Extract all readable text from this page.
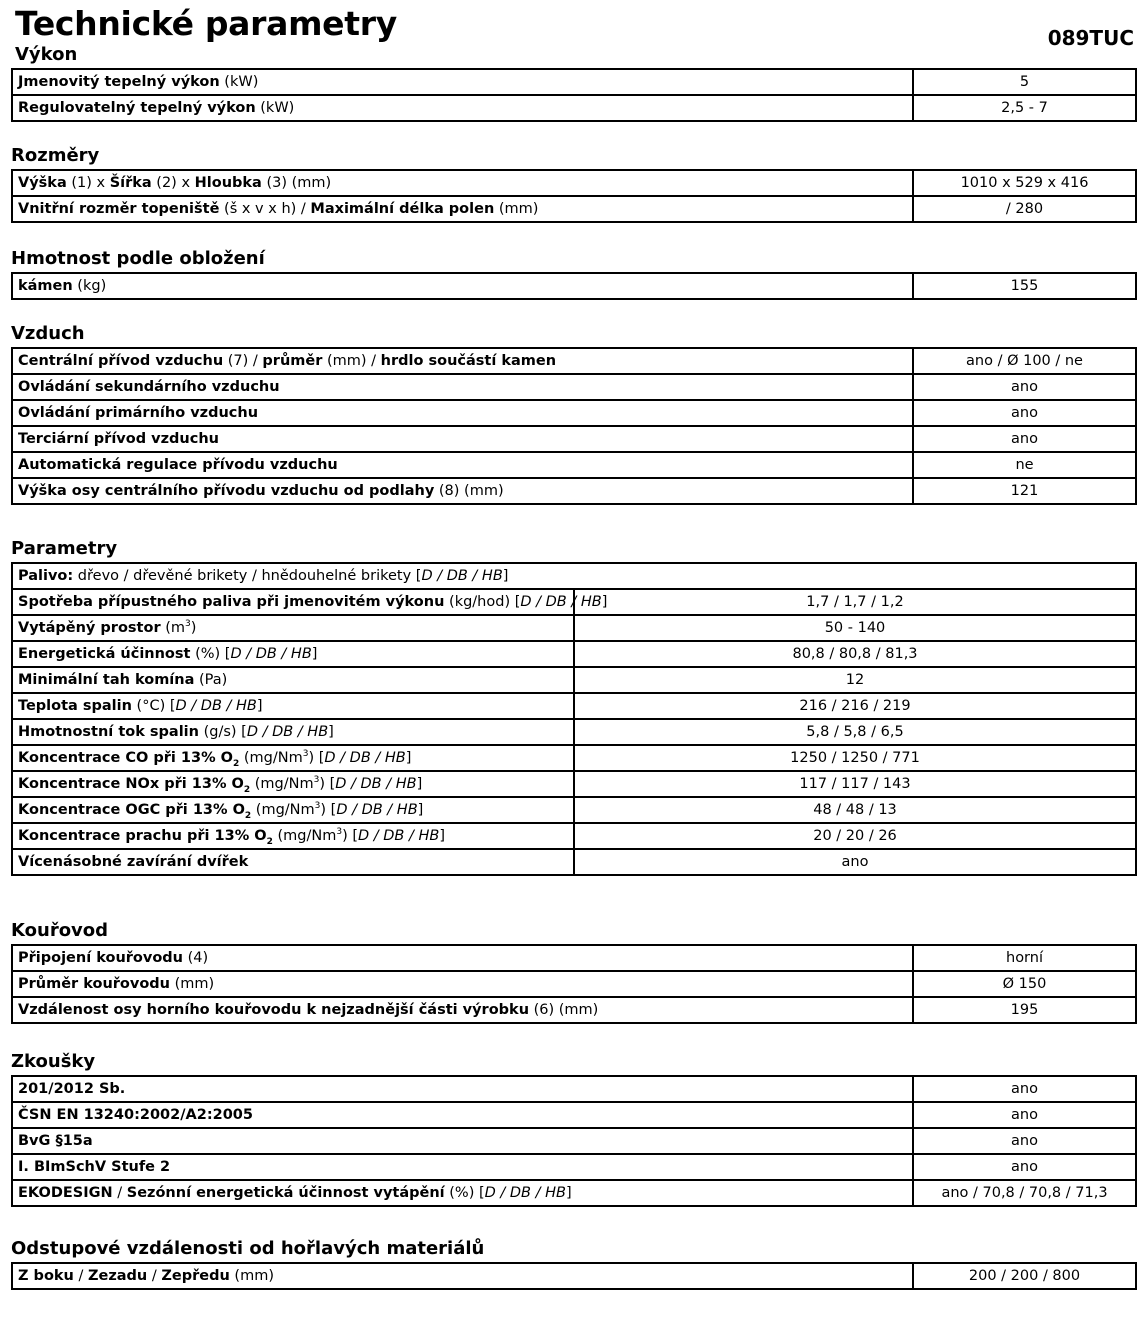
Technické parametry	089TUC
Výkon
Jmenovitý tepelný výkon (kW)	5
Regulovatelný tepelný výkon (kW)	2,5 - 7
Rozměry
Výška (1) x Šířka (2) x Hloubka (3) (mm)	1010 x 529 x 416
Vnitřní rozměr topeniště (š x v x h) / Maximální délka polen (mm)	/ 280
Hmotnost podle obložení
kámen (kg)	155
Vzduch
Centrální přívod vzduchu (7) / průměr (mm) / hrdlo součástí kamen	ano / Ø 100 / ne
Ovládání sekundárního vzduchu	ano
Ovládání primárního vzduchu	ano
Terciární přívod vzduchu	ano
Automatická regulace přívodu vzduchu	ne
Výška osy centrálního přívodu vzduchu od podlahy (8) (mm)	121
Parametry
Palivo: dřevo / dřevěné brikety / hnědouhelné brikety [D / DB / HB]	
Spotřeba přípustného paliva při jmenovitém výkonu (kg/hod) [D / DB / HB]	1,7 / 1,7 / 1,2
Vytápěný prostor $(m^3)$	50 - 140
Energetická účinnost (%) [D / DB / HB]	80,8 / 80,8 / 81,3
Minimální tah komína (Pa)	12
Teplota spalin (°C) [D / DB / HB]	216 / 216 / 219
Hmotnostní tok spalin (g/s) [D / DB / HB]	5,8 / 5,8 / 6,5
Koncentrace CO při 13% $O_2$ (mg/Nm$^3$) [D / DB / HB]	1250 / 1250 / 771
Koncentrace NOx při 13% $O_2$ (mg/Nm$^3$) [D / DB / HB]	117 / 117 / 143
Koncentrace OGC při 13% $O_2$ (mg/Nm$^3$) [D / DB / HB]	48 / 48 / 13
Koncentrace prachu při 13% $O_2$ (mg/Nm$^3$) [D / DB / HB]	20 / 20 / 26
Vícenásobné zavírání dvířek	ano
Kouřovod
Připojení kouřovodu (4)	horní
Průměr kouřovodu (mm)	Ø 150
Vzdálenost osy horního kouřovodu k nejzadnější části výrobku (6) (mm)	195
Zkoušky
201/2012 Sb.	ano
ČSN EN 13240:2002/A2:2005	ano
BvG §15a	ano
I. BImSchV Stufe 2	ano
EKODESIGN / Sezónní energetická účinnost vytápění (%) [D / DB / HB]	ano / 70,8 / 70,8 / 71,3
Odstupové vzdálenosti od hořlavých materiálů
Z boku / Zezadu / Zepředu (mm)	200 / 200 / 800
